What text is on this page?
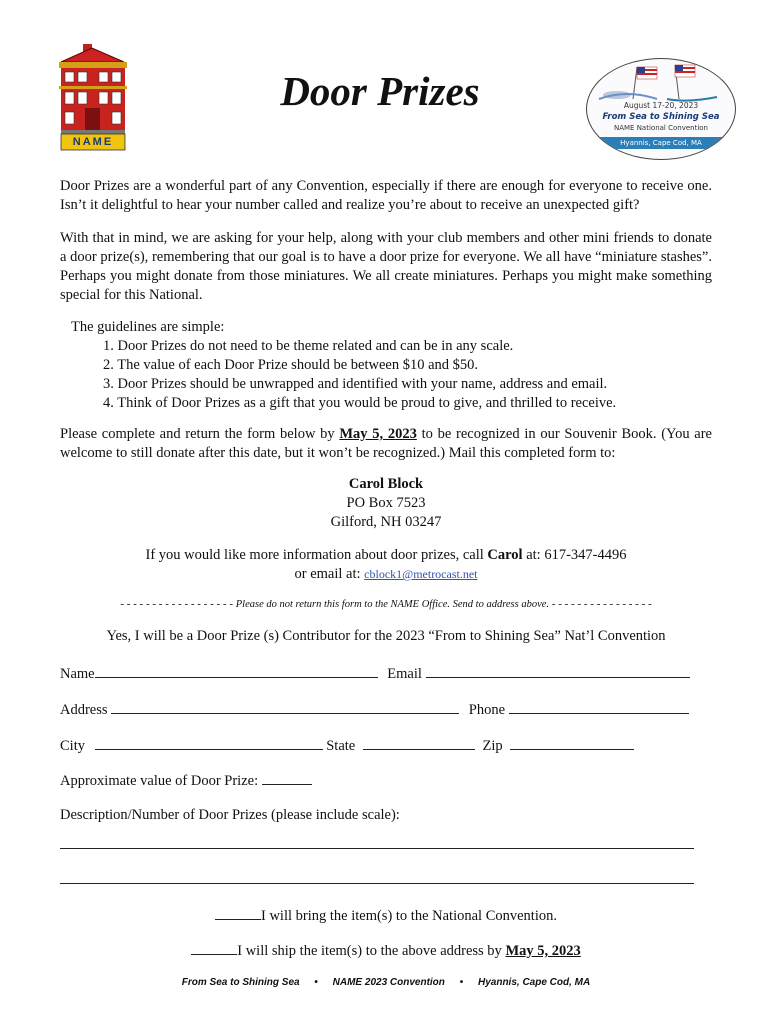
NAME
Door Prizes	August 17-20, 2023
From Sea to Shining Sea
NAME National Convention
Hyannis, Cape Cod, MA

Door Prizes are a wonderful part of any Convention, especially if there are enough for everyone to receive one. Isn’t it delightful to hear your number called and realize you’re about to receive an unexpected gift?

With that in mind, we are asking for your help, along with your club members and other mini friends to donate a door prize(s), remembering that our goal is to have a door prize for everyone. We all have “miniature stashes”. Perhaps you might donate from those miniatures. We all create miniatures. Perhaps you might make something special for this National.

The guidelines are simple:
1. Door Prizes do not need to be theme related and can be in any scale.
2. The value of each Door Prize should be between $10 and $50.
3. Door Prizes should be unwrapped and identified with your name, address and email.
4. Think of Door Prizes as a gift that you would be proud to give, and thrilled to receive.

Please complete and return the form below by May 5, 2023 to be recognized in our Souvenir Book. (You are welcome to still donate after this date, but it won’t be recognized.) Mail this completed form to:

Carol Block
PO Box 7523
Gilford, NH 03247
If you would like more information about door prizes, call Carol at: 617-347-4496
or email at: cblock1@metrocast.net
- - - - - - - - - - - - - - - - - - Please do not return this form to the NAME Office. Send to address above. - - - - - - - - - - - - - - - -
Yes, I will be a Door Prize (s) Contributor for the 2023 “From to Shining Sea” Nat’l Convention
Name	Email
Address	Phone
City	State	Zip
Approximate value of Door Prize:
Description/Number of Door Prizes (please include scale):
I will bring the item(s) to the National Convention.
I will ship the item(s) to the above address by May 5, 2023
From Sea to Shining Sea • NAME 2023 Convention • Hyannis, Cape Cod, MA
